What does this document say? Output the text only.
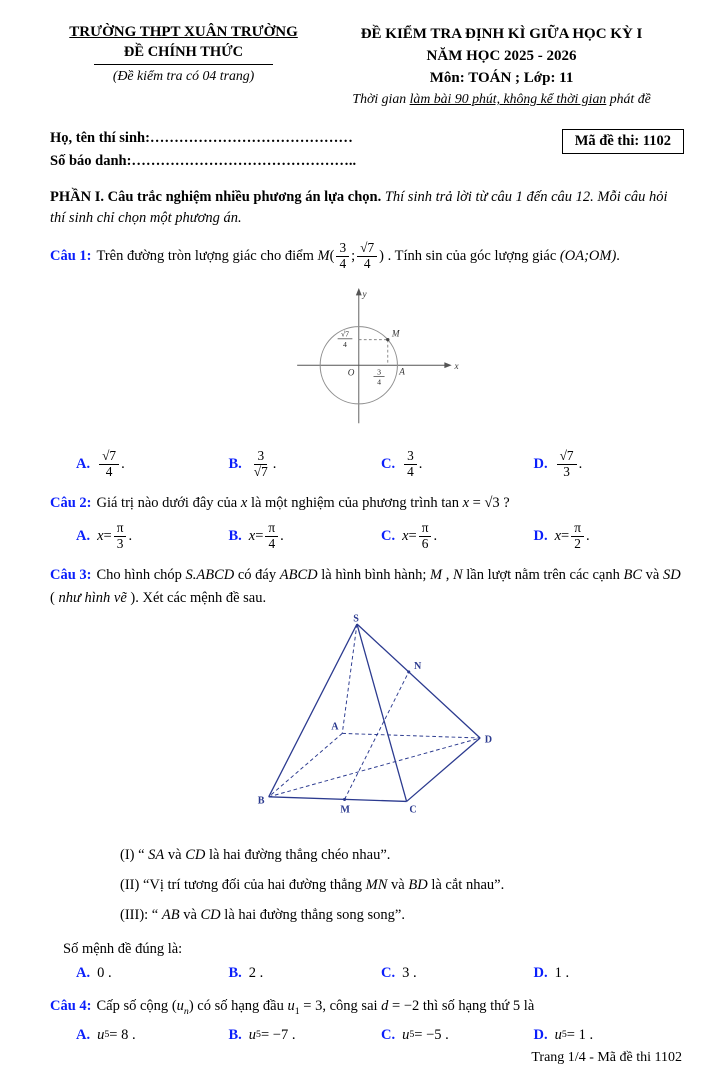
TRƯỜNG THPT XUÂN TRƯỜNG
ĐỀ CHÍNH THỨC
(Đề kiểm tra có 04 trang)
ĐỀ KIỂM TRA ĐỊNH KÌ GIỮA HỌC KỲ I
NĂM HỌC 2025 - 2026
Môn: TOÁN ; Lớp: 11
Thời gian làm bài 90 phút, không kể thời gian phát đề
Họ, tên thí sinh:……………………………………
Số báo danh:………………………………………..
Mã đề thi: 1102

PHẦN I. Câu trắc nghiệm nhiều phương án lựa chọn. Thí sinh trả lời từ câu 1 đến câu 12. Mỗi câu hỏi thí sinh chỉ chọn một phương án.

Câu 1: Trên đường tròn lượng giác cho điểm $M( \frac{3}{4}$ ; $\frac{√7}{4}$ ) . Tính sin của góc lượng giác (OA;OM).

M
y
x
O	A
√7
4
3
4
A. $\frac{√7}{4}$ .	B. $\frac{3}{√7}$ .	C. $\frac{3}{4}$ .	D. $\frac{√7}{3}$ .

Câu 2: Giá trị nào dưới đây của x là một nghiệm của phương trình tan x = √3 ?

A. $x = \frac{\pi}{3}$ .	B. $x = \frac{\pi}{4}$ .	C. $x = \frac{\pi}{6}$ .	D. $x = \frac{\pi}{2}$ .

Câu 3: Cho hình chóp S.ABCD có đáy ABCD là hình bình hành; M , N lần lượt nằm trên các cạnh BC và SD ( như hình vẽ ). Xét các mệnh đề sau.

S
N
A
D
B
M	C

(I) “ SA và CD là hai đường thẳng chéo nhau”.

(II) “Vị trí tương đối của hai đường thẳng MN và BD là cắt nhau”.

(III): “ AB và CD là hai đường thẳng song song”.

Số mệnh đề đúng là:

A. 0 .	B. 2 .	C. 3 .	D. 1 .

Câu 4: Cấp số cộng $(u_n)$ có số hạng đầu $u_1 = 3$, công sai d = −2 thì số hạng thứ 5 là

A. u 5 = 8 .	B. u 5 = −7 .	C. u 5 = −5 .	D. u 5 = 1 .
Trang 1/4 - Mã đề thi 1102
